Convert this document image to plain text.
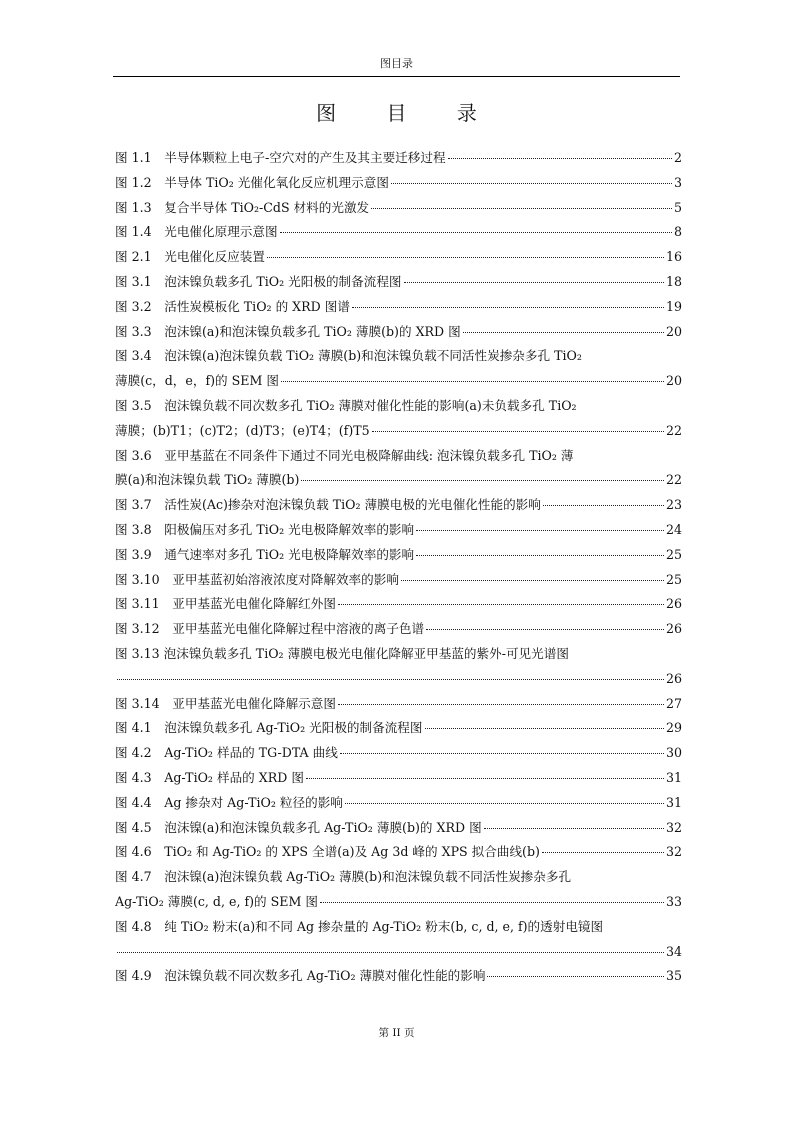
图目录
图 目 录
图 1.1　半导体颗粒上电子-空穴对的产生及其主要迁移过程	2
图 1.2　半导体 TiO₂ 光催化氧化反应机理示意图	3
图 1.3　复合半导体 TiO₂-CdS 材料的光激发	5
图 1.4　光电催化原理示意图	8
图 2.1　光电催化反应装置	16
图 3.1　泡沫镍负载多孔 TiO₂ 光阳极的制备流程图	18
图 3.2　活性炭模板化 TiO₂ 的 XRD 图谱	19
图 3.3　泡沫镍(a)和泡沫镍负载多孔 TiO₂ 薄膜(b)的 XRD 图	20
图 3.4　泡沫镍(a)泡沫镍负载 TiO₂ 薄膜(b)和泡沫镍负载不同活性炭掺杂多孔 TiO₂
薄膜(c，d，e，f)的 SEM 图	20
图 3.5　泡沫镍负载不同次数多孔 TiO₂ 薄膜对催化性能的影响(a)未负载多孔 TiO₂
薄膜；(b)T1；(c)T2；(d)T3；(e)T4；(f)T5	22
图 3.6　亚甲基蓝在不同条件下通过不同光电极降解曲线: 泡沫镍负载多孔 TiO₂ 薄
膜(a)和泡沫镍负载 TiO₂ 薄膜(b)	22
图 3.7　活性炭(Ac)掺杂对泡沫镍负载 TiO₂ 薄膜电极的光电催化性能的影响	23
图 3.8　阳极偏压对多孔 TiO₂ 光电极降解效率的影响	24
图 3.9　通气速率对多孔 TiO₂ 光电极降解效率的影响	25
图 3.10　亚甲基蓝初始溶液浓度对降解效率的影响	25
图 3.11　亚甲基蓝光电催化降解红外图	26
图 3.12　亚甲基蓝光电催化降解过程中溶液的离子色谱	26
图 3.13 泡沫镍负载多孔 TiO₂ 薄膜电极光电催化降解亚甲基蓝的紫外-可见光谱图
26
图 3.14　亚甲基蓝光电催化降解示意图	27
图 4.1　泡沫镍负载多孔 Ag-TiO₂ 光阳极的制备流程图	29
图 4.2　Ag-TiO₂ 样品的 TG-DTA 曲线	30
图 4.3　Ag-TiO₂ 样品的 XRD 图	31
图 4.4　Ag 掺杂对 Ag-TiO₂ 粒径的影响	31
图 4.5　泡沫镍(a)和泡沫镍负载多孔 Ag-TiO₂ 薄膜(b)的 XRD 图	32
图 4.6　TiO₂ 和 Ag-TiO₂ 的 XPS 全谱(a)及 Ag 3d 峰的 XPS 拟合曲线(b)	32
图 4.7　泡沫镍(a)泡沫镍负载 Ag-TiO₂ 薄膜(b)和泡沫镍负载不同活性炭掺杂多孔
Ag-TiO₂ 薄膜(c, d, e, f)的 SEM 图	33
图 4.8　纯 TiO₂ 粉末(a)和不同 Ag 掺杂量的 Ag-TiO₂ 粉末(b, c, d, e, f)的透射电镜图
34
图 4.9　泡沫镍负载不同次数多孔 Ag-TiO₂ 薄膜对催化性能的影响	35
第 II 页
